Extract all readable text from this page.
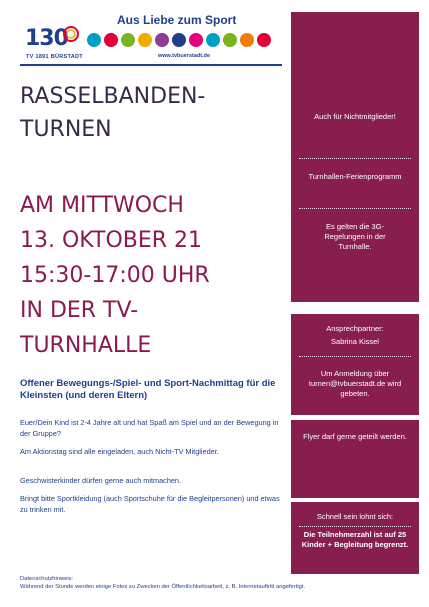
130
TV 1891 BÜRSTADT
Aus Liebe zum Sport
www.tvbuerstadt.de
RASSELBANDEN-
TURNEN
AM MITTWOCH
13. OKTOBER 21
15:30-17:00 UHR
IN DER TV-
TURNHALLE
Offener Bewegungs-/Spiel- und Sport-Nachmittag für die Kleinsten (und deren Eltern)
Euer/Dein Kind ist 2-4 Jahre alt und hat Spaß am Spiel und an der Bewegung in der Gruppe?
Am Aktionstag sind alle eingeladen, auch Nicht-TV Mitglieder.
Geschwisterkinder dürfen gerne auch mitmachen.
Bringt bitte Sportkleidung (auch Sportschuhe für die Begleitpersonen) und etwas zu trinken mit.
Datenschutzhinweis:
Während der Stunde werden einige Fotos zu Zwecken der Öffentlichkeitsarbeit, z. B. Internetauftritt angefertigt.

Auch für Nichtmitglieder!

Turnhallen-Ferienprogramm

Es gelten die 3G-Regelungen in der Turnhalle.

Ansprechpartner:

Sabrina Kissel

Um Anmeldung über turnen@tvbuerstadt.de wird gebeten.

Flyer darf gerne geteilt werden.

Schnell sein lohnt sich:

Die Teilnehmerzahl ist auf 25 Kinder + Begleitung begrenzt.
